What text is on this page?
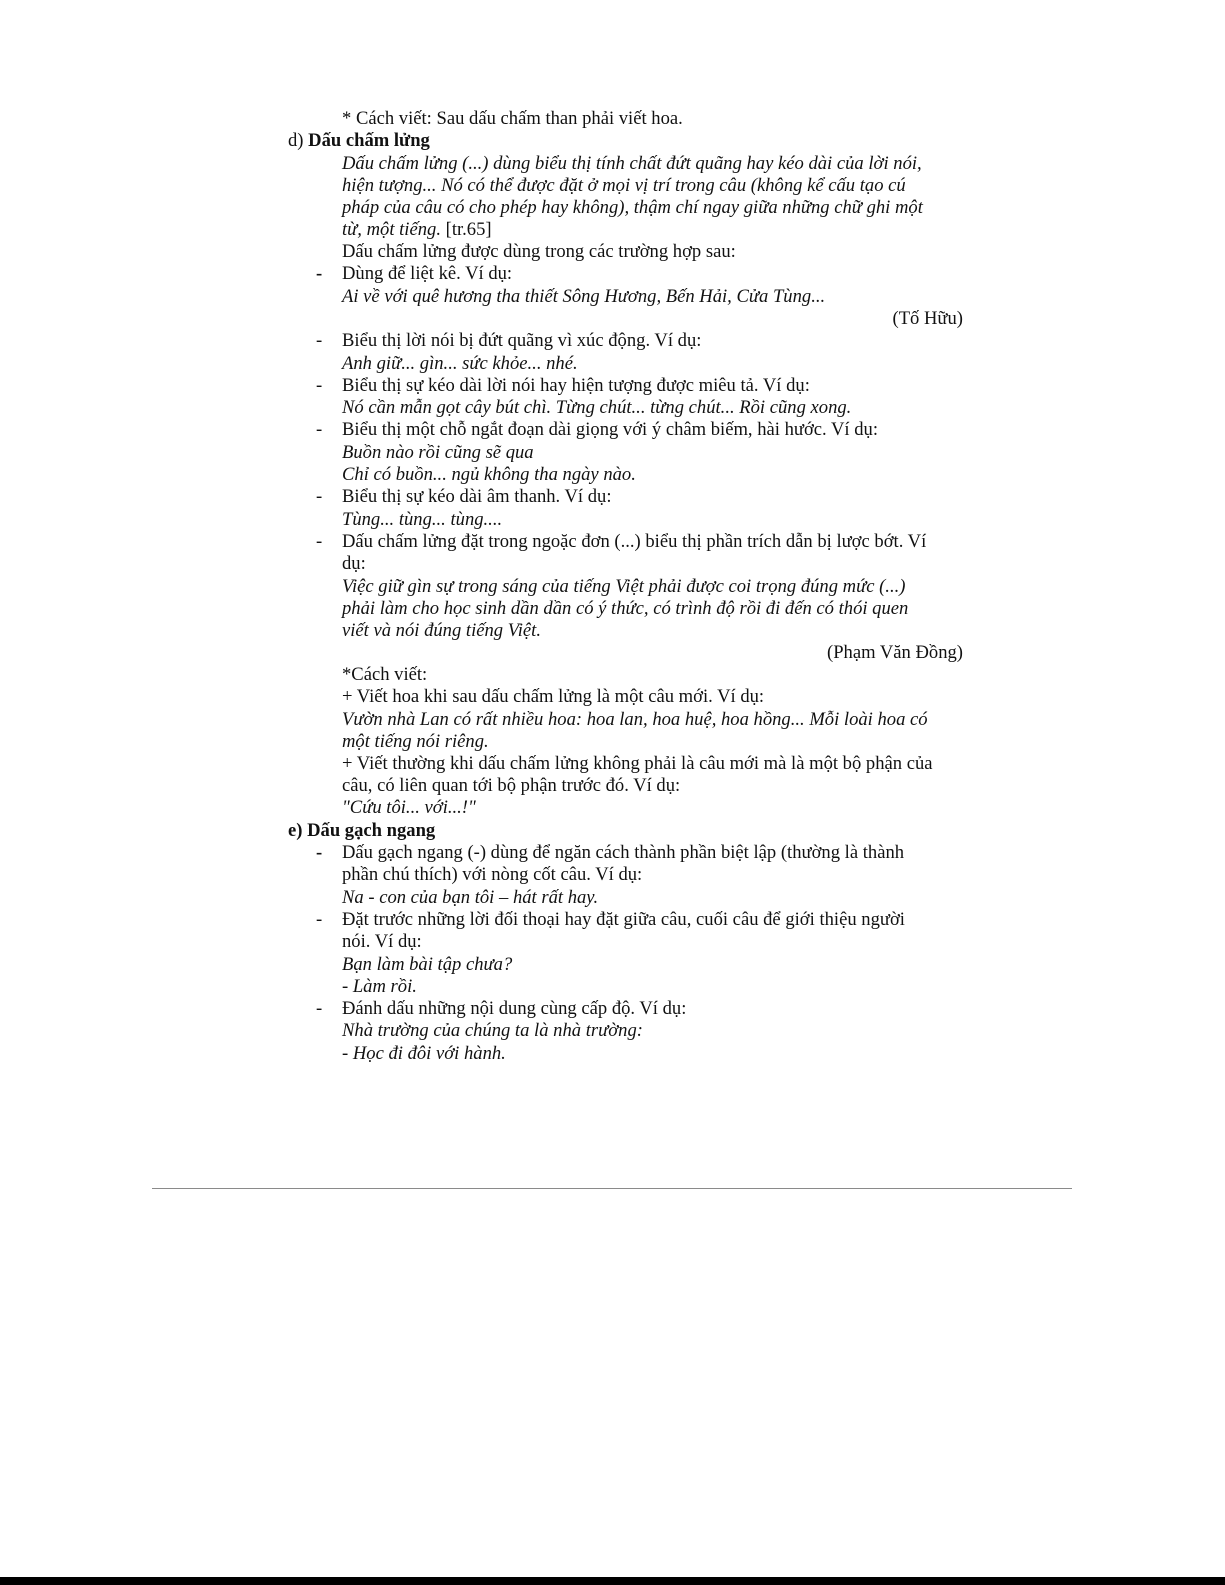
* Cách viết: Sau dấu chấm than phải viết hoa.
d) Dấu chấm lửng
Dấu chấm lửng (...) dùng biểu thị tính chất đứt quãng hay kéo dài của lời nói,
hiện tượng... Nó có thể được đặt ở mọi vị trí trong câu (không kể cấu tạo cú
pháp của câu có cho phép hay không), thậm chí ngay giữa những chữ ghi một
từ, một tiếng. [tr.65]
Dấu chấm lửng được dùng trong các trường hợp sau:
- Dùng để liệt kê. Ví dụ:
Ai về với quê hương tha thiết Sông Hương, Bến Hải, Cửa Tùng...
(Tố Hữu)
- Biểu thị lời nói bị đứt quãng vì xúc động. Ví dụ:
Anh giữ... gìn... sức khỏe... nhé.
- Biểu thị sự kéo dài lời nói hay hiện tượng được miêu tả. Ví dụ:
Nó cần mẫn gọt cây bút chì. Từng chút... từng chút... Rồi cũng xong.
- Biểu thị một chỗ ngắt đoạn dài giọng với ý châm biếm, hài hước. Ví dụ:
Buồn nào rồi cũng sẽ qua
Chỉ có buồn... ngủ không tha ngày nào.
- Biểu thị sự kéo dài âm thanh. Ví dụ:
Tùng... tùng... tùng....
- Dấu chấm lửng đặt trong ngoặc đơn (...) biểu thị phần trích dẫn bị lược bớt. Ví
dụ:
Việc giữ gìn sự trong sáng của tiếng Việt phải được coi trọng đúng mức (...)
phải làm cho học sinh dần dần có ý thức, có trình độ rồi đi đến có thói quen
viết và nói đúng tiếng Việt.
(Phạm Văn Đồng)
*Cách viết:
+ Viết hoa khi sau dấu chấm lửng là một câu mới. Ví dụ:
Vườn nhà Lan có rất nhiều hoa: hoa lan, hoa huệ, hoa hồng... Mỗi loài hoa có
một tiếng nói riêng.
+ Viết thường khi dấu chấm lửng không phải là câu mới mà là một bộ phận của
câu, có liên quan tới bộ phận trước đó. Ví dụ:
"Cứu tôi... với...!"
e) Dấu gạch ngang
- Dấu gạch ngang (-) dùng để ngăn cách thành phần biệt lập (thường là thành
phần chú thích) với nòng cốt câu. Ví dụ:
Na - con của bạn tôi – hát rất hay.
- Đặt trước những lời đối thoại hay đặt giữa câu, cuối câu để giới thiệu người
nói. Ví dụ:
Bạn làm bài tập chưa?
- Làm rồi.
- Đánh dấu những nội dung cùng cấp độ. Ví dụ:
Nhà trường của chúng ta là nhà trường:
- Học đi đôi với hành.
